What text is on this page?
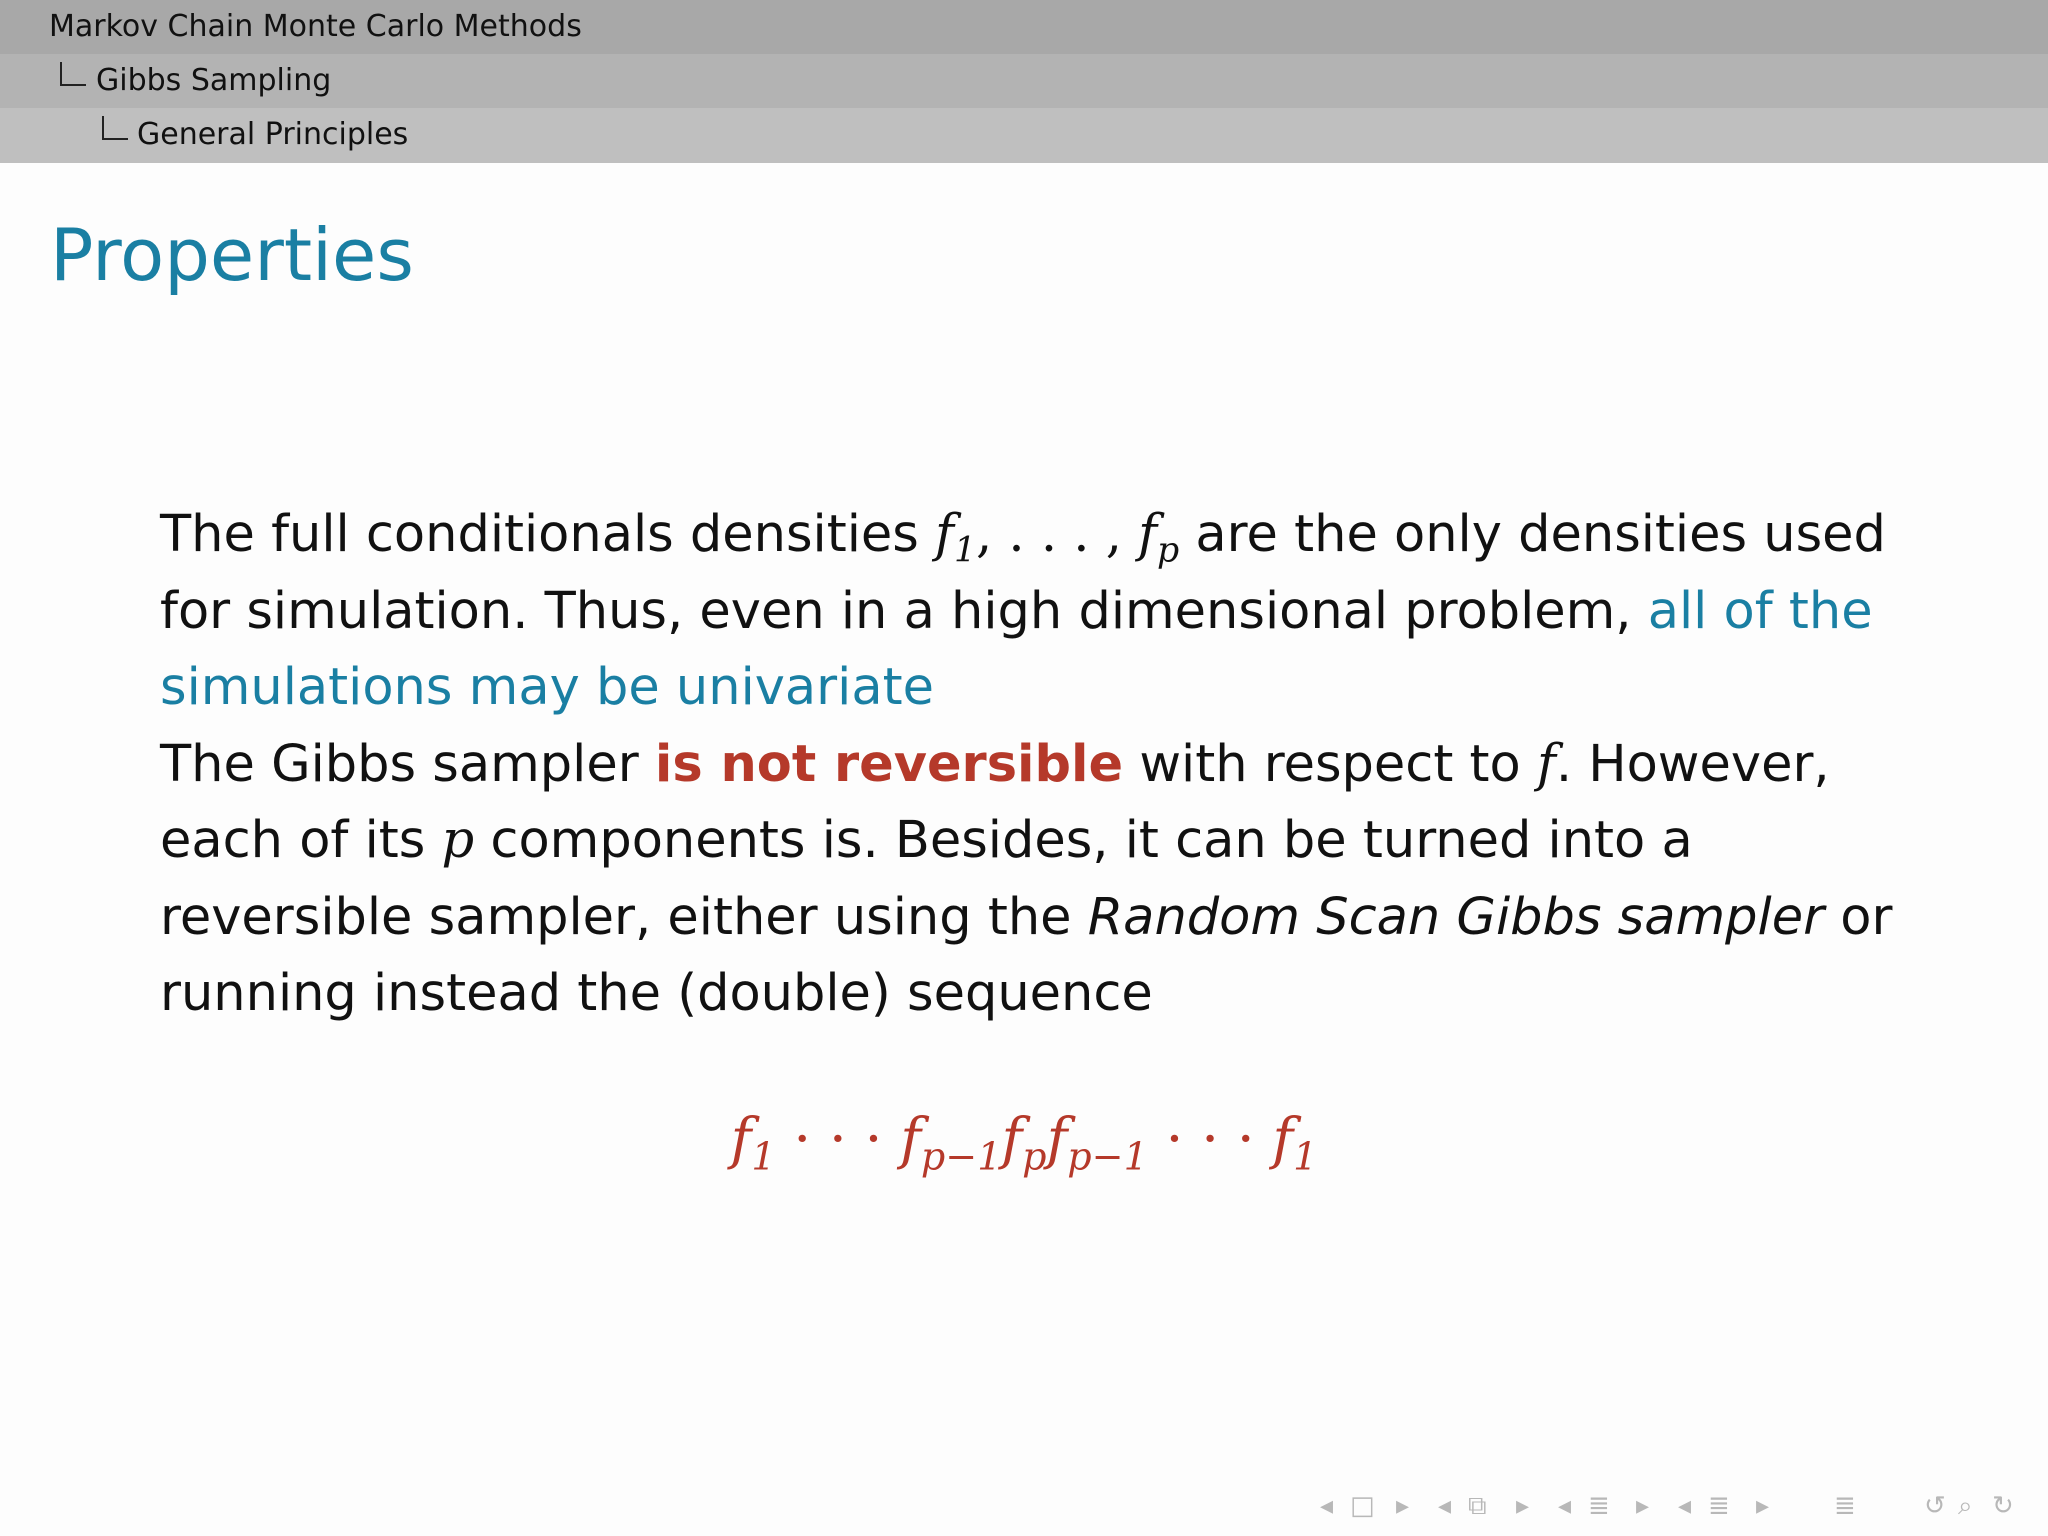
Markov Chain Monte Carlo Methods
Gibbs Sampling
General Principles
Properties

The full conditionals densities $f_1$, . . . , $f_p$ are the only densities used for simulation. Thus, even in a high dimensional problem, all of the simulations may be univariate

The Gibbs sampler is not reversible with respect to f. However, each of its p components is. Besides, it can be turned into a reversible sampler, either using the Random Scan Gibbs sampler or running instead the (double) sequence

$f_1$ · · · $f_{p-1}f_pf_{p-1}$ · · · $f_1$
◂ □ ▸ ◂ ⧉ ▸ ◂ ≣ ▸ ◂ ≣ ▸ ≣	↺ ⌕ ↻
